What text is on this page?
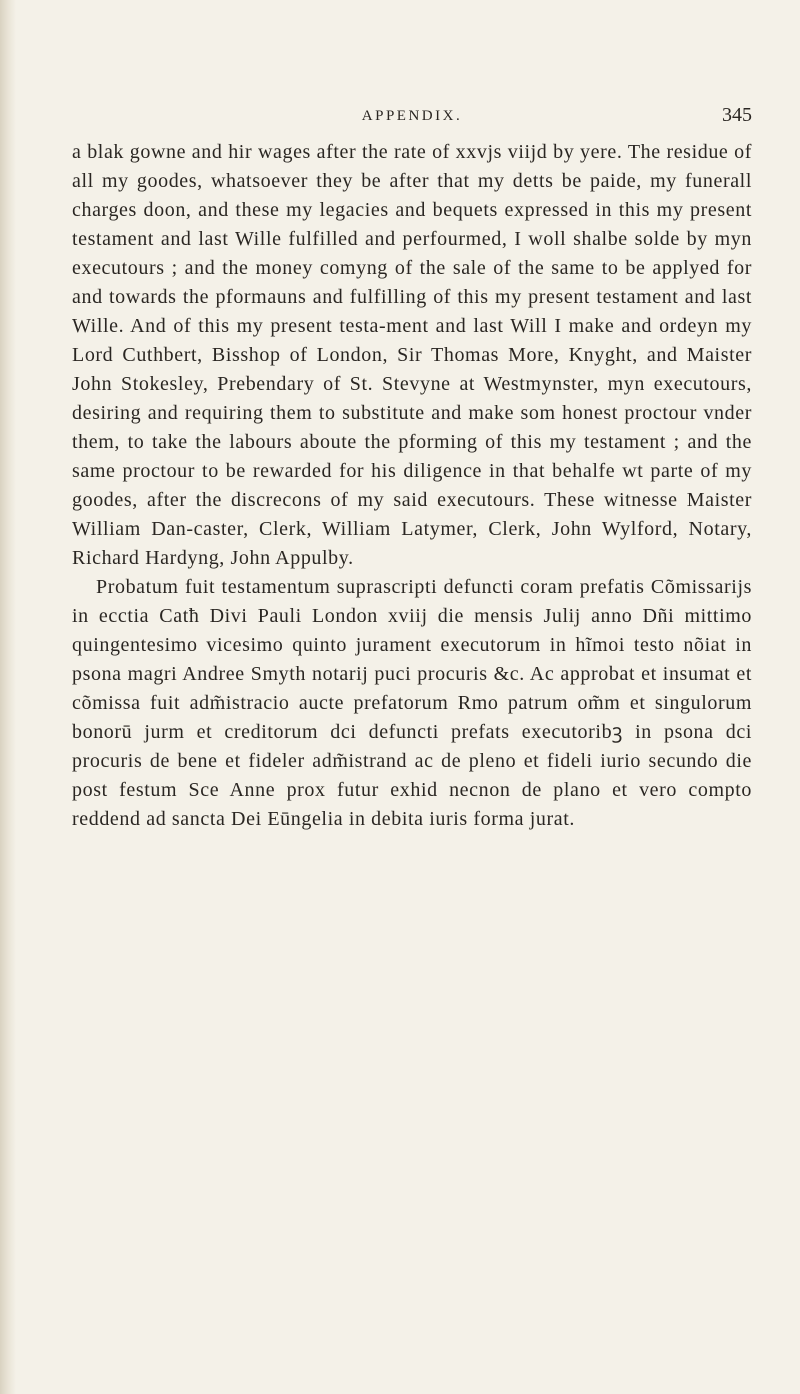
APPENDIX.	345

a blak gowne and hir wages after the rate of xxvjs viijd by yere. The residue of all my goodes, whatsoever they be after that my detts be paide, my funerall charges doon, and these my legacies and bequets expressed in this my present testament and last Wille fulfilled and perfourmed, I woll shalbe solde by myn executours ; and the money comyng of the sale of the same to be applyed for and towards the pformauns and fulfilling of this my present testament and last Wille. And of this my present testa-ment and last Will I make and ordeyn my Lord Cuthbert, Bisshop of London, Sir Thomas More, Knyght, and Maister John Stokesley, Prebendary of St. Stevyne at Westmynster, myn executours, desiring and requiring them to substitute and make som honest proctour vnder them, to take the labours aboute the pforming of this my testament ; and the same proctour to be rewarded for his diligence in that behalfe wt parte of my goodes, after the discrecons of my said executours. These witnesse Maister William Dan-caster, Clerk, William Latymer, Clerk, John Wylford, Notary, Richard Hardyng, John Appulby.

Probatum fuit testamentum suprascripti defuncti coram prefatis Cõmissarijs in ecctia Catħ Divi Pauli London xviij die mensis Julij anno Dñi mittimo quingentesimo vicesimo quinto jurament executorum in hĩmoi testo nõiat in psona magri Andree Smyth notarij puci procuris &c. Ac approbat et insumat et cõmissa fuit adm̃istracio aucte prefatorum Rmo patrum om̃m et singulorum bonorū jurm et creditorum dci defuncti prefats executoribꝫ in psona dci procuris de bene et fideler adm̃istrand ac de pleno et fideli iurio secundo die post festum Sce Anne prox futur exhid necnon de plano et vero compto reddend ad sancta Dei Eūngelia in debita iuris forma jurat.
